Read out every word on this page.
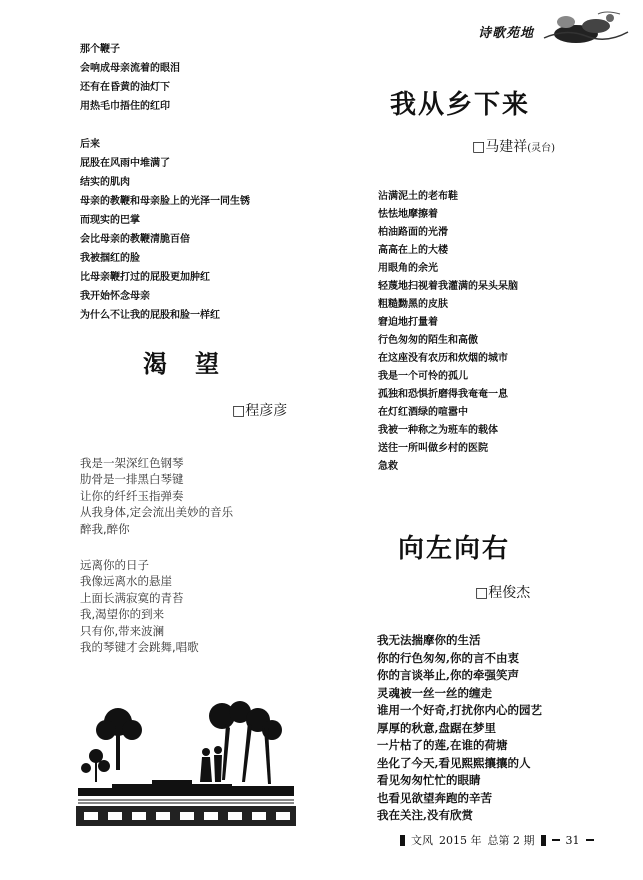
诗歌苑地
那个鞭子
会响成母亲流着的眼泪
还有在昏黄的油灯下
用热毛巾捂住的红印
后来
屁股在风雨中堆满了
结实的肌肉
母亲的教鞭和母亲脸上的光泽一同生锈
而现实的巴掌
会比母亲的教鞭清脆百倍
我被掴红的脸
比母亲鞭打过的屁股更加肿红
我开始怀念母亲
为什么不让我的屁股和脸一样红
我从乡下来
□马建祥(灵台)
沾满泥土的老布鞋
怯怯地摩擦着
柏油路面的光滑
高高在上的大楼
用眼角的余光
轻蔑地扫视着我灌满的呆头呆脑
粗糙黝黑的皮肤
窘迫地打量着
行色匆匆的陌生和高傲
在这座没有农历和炊烟的城市
我是一个可怜的孤儿
孤独和恐惧折磨得我奄奄一息
在灯红酒绿的喧嚣中
我被一种称之为班车的载体
送往一所叫做乡村的医院
急救
渴望
□程彦彦
我是一架深红色钢琴
肋骨是一排黑白琴键
让你的纤纤玉指弹奏
从我身体,定会流出美妙的音乐
醉我,醉你
远离你的日子
我像远离水的悬崖
上面长满寂寞的青苔
我,渴望你的到来
只有你,带来波澜
我的琴键才会跳舞,唱歌
向左向右
□程俊杰
我无法揣摩你的生活
你的行色匆匆,你的言不由衷
你的言谈举止,你的牵强笑声
灵魂被一丝一丝的缠走
谁用一个好奇,打扰你内心的园艺
厚厚的秋意,盘踞在梦里
一片枯了的莲,在谁的荷塘
坐化了今天,看见熙熙攘攘的人
看见匆匆忙忙的眼睛
也看见欲望奔跑的辛苦
我在关注,没有欣赏
文风 2015 年 总第 2 期	31
